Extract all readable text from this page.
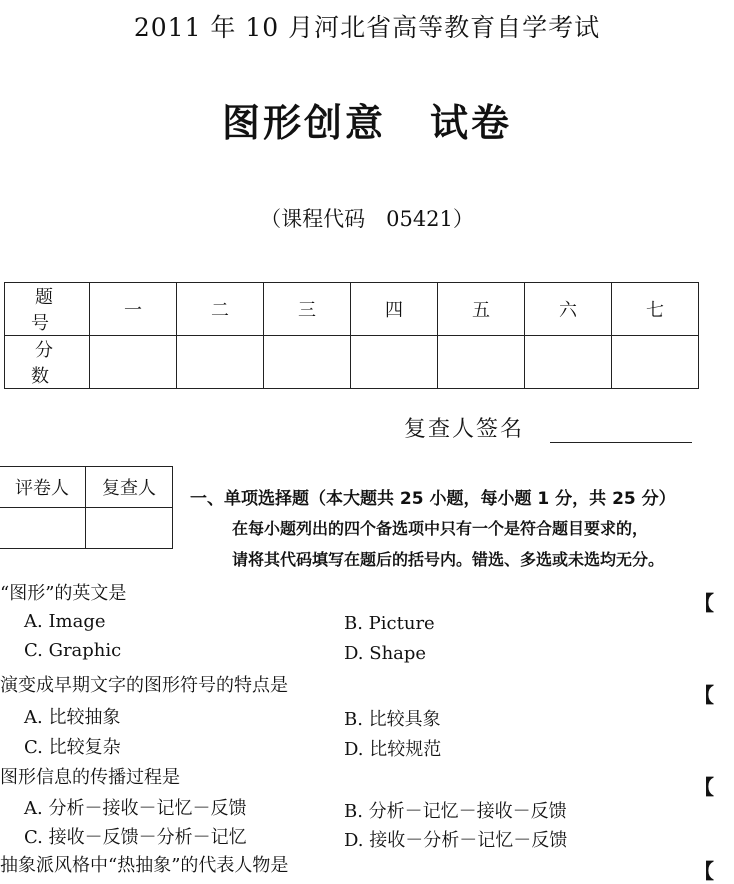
2011 年 10 月河北省高等教育自学考试
图形创意 试卷
（课程代码　05421）
题　号	一	二	三	四	五	六	七
分　数							
复查人签名
评卷人	复查人
	一、单项选择题（本大题共 25 小题，每小题 1 分，共 25 分）
在每小题列出的四个备选项中只有一个是符合题目要求的，
请将其代码填写在题后的括号内。错选、多选或未选均无分。
“图形”的英文是	【
A. Image	B. Picture
C. Graphic	D. Shape
演变成早期文字的图形符号的特点是	【
A. 比较抽象	B. 比较具象
C. 比较复杂	D. 比较规范
图形信息的传播过程是	【
A. 分析－接收－记忆－反馈	B. 分析－记忆－接收－反馈
C. 接收－反馈－分析－记忆	D. 接收－分析－记忆－反馈
抽象派风格中“热抽象”的代表人物是	【
